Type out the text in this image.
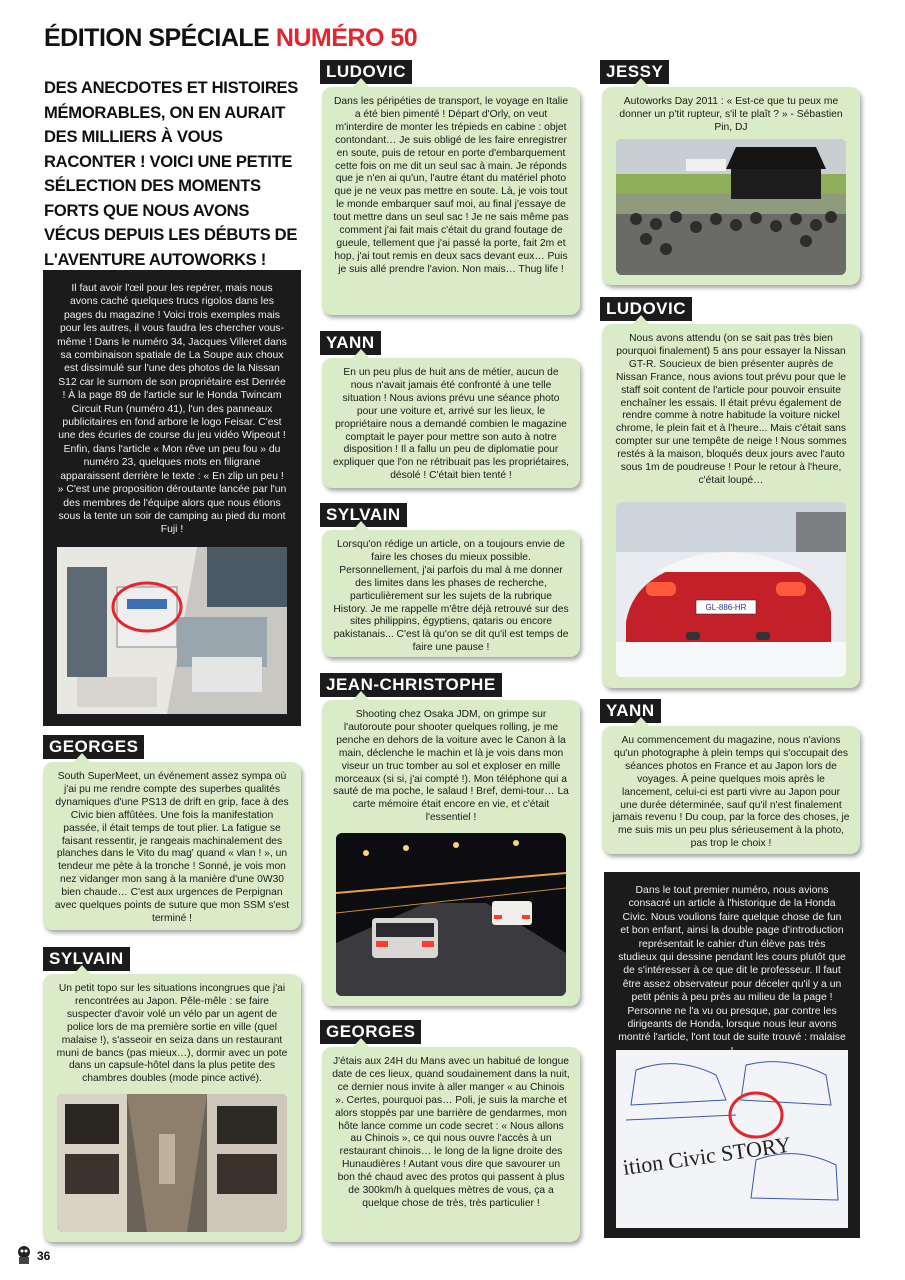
ÉDITION SPÉCIALE NUMÉRO 50
DES ANECDOTES ET HISTOIRES MÉMORABLES, ON EN AURAIT DES MILLIERS À VOUS RACONTER ! VOICI UNE PETITE SÉLECTION DES MOMENTS FORTS QUE NOUS AVONS VÉCUS DEPUIS LES DÉBUTS DE L'AVENTURE AUTOWORKS !

Il faut avoir l'œil pour les repérer, mais nous avons caché quelques trucs rigolos dans les pages du magazine ! Voici trois exemples mais pour les autres, il vous faudra les chercher vous-même ! Dans le numéro 34, Jacques Villeret dans sa combinaison spatiale de La Soupe aux choux est dissimulé sur l'une des photos de la Nissan S12 car le surnom de son propriétaire est Denrée ! À la page 89 de l'article sur le Honda Twincam Circuit Run (numéro 41), l'un des panneaux publicitaires en fond arbore le logo Feisar. C'est une des écuries de course du jeu vidéo Wipeout ! Enfin, dans l'article « Mon rêve un peu fou » du numéro 23, quelques mots en filigrane apparaissent derrière le texte : « En zlip un peu ! » C'est une proposition déroutante lancée par l'un des membres de l'équipe alors que nous étions sous la tente un soir de camping au pied du mont Fuji !

GEORGES

South SuperMeet, un événement assez sympa où j'ai pu me rendre compte des superbes qualités dynamiques d'une PS13 de drift en grip, face à des Civic bien affûtées. Une fois la manifestation passée, il était temps de tout plier. La fatigue se faisant ressentir, je rangeais machinalement des planches dans le Vito du mag' quand « vlan ! », un tendeur me pète à la tronche ! Sonné, je vois mon nez vidanger mon sang à la manière d'une 0W30 bien chaude… C'est aux urgences de Perpignan avec quelques points de suture que mon SSM s'est terminé !

SYLVAIN

Un petit topo sur les situations incongrues que j'ai rencontrées au Japon. Pêle-mêle : se faire suspecter d'avoir volé un vélo par un agent de police lors de ma première sortie en ville (quel malaise !), s'asseoir en seiza dans un restaurant muni de bancs (pas mieux…), dormir avec un pote dans un capsule-hôtel dans la plus petite des chambres doubles (mode pince activé).

LUDOVIC

Dans les péripéties de transport, le voyage en Italie a été bien pimenté ! Départ d'Orly, on veut m'interdire de monter les trépieds en cabine : objet contondant… Je suis obligé de les faire enregistrer en soute, puis de retour en porte d'embarquement cette fois on me dit un seul sac à main. Je réponds que je n'en ai qu'un, l'autre étant du matériel photo que je ne veux pas mettre en soute. Là, je vois tout le monde embarquer sauf moi, au final j'essaye de tout mettre dans un seul sac ! Je ne sais même pas comment j'ai fait mais c'était du grand foutage de gueule, tellement que j'ai passé la porte, fait 2m et hop, j'ai tout remis en deux sacs devant eux… Puis je suis allé prendre l'avion. Non mais… Thug life !

YANN

En un peu plus de huit ans de métier, aucun de nous n'avait jamais été confronté à une telle situation ! Nous avions prévu une séance photo pour une voiture et, arrivé sur les lieux, le propriétaire nous a demandé combien le magazine comptait le payer pour mettre son auto à notre disposition ! Il a fallu un peu de diplomatie pour expliquer que l'on ne rétribuait pas les propriétaires, désolé ! C'était bien tenté !

SYLVAIN

Lorsqu'on rédige un article, on a toujours envie de faire les choses du mieux possible. Personnellement, j'ai parfois du mal à me donner des limites dans les phases de recherche, particulièrement sur les sujets de la rubrique History. Je me rappelle m'être déjà retrouvé sur des sites philippins, égyptiens, qataris ou encore pakistanais... C'est là qu'on se dit qu'il est temps de faire une pause !

JEAN-CHRISTOPHE

Shooting chez Osaka JDM, on grimpe sur l'autoroute pour shooter quelques rolling, je me penche en dehors de la voiture avec le Canon à la main, déclenche le machin et là je vois dans mon viseur un truc tomber au sol et exploser en mille morceaux (si si, j'ai compté !). Mon téléphone qui a sauté de ma poche, le salaud ! Bref, demi-tour… La carte mémoire était encore en vie, et c'était l'essentiel !

GEORGES

J'étais aux 24H du Mans avec un habitué de longue date de ces lieux, quand soudainement dans la nuit, ce dernier nous invite à aller manger « au Chinois ». Certes, pourquoi pas… Poli, je suis la marche et alors stoppés par une barrière de gendarmes, mon hôte lance comme un code secret : « Nous allons au Chinois », ce qui nous ouvre l'accès à un restaurant chinois… le long de la ligne droite des Hunaudières ! Autant vous dire que savourer un bon thé chaud avec des protos qui passent à plus de 300km/h à quelques mètres de vous, ça a quelque chose de très, très particulier !

JESSY

Autoworks Day 2011 : « Est-ce que tu peux me donner un p'tit rupteur, s'il te plaît ? » - Sébastien Pin, DJ

LUDOVIC

Nous avons attendu (on se sait pas très bien pourquoi finalement) 5 ans pour essayer la Nissan GT-R. Soucieux de bien présenter auprès de Nissan France, nous avions tout prévu pour que le staff soit content de l'article pour pouvoir ensuite enchaîner les essais. Il était prévu également de rendre comme à notre habitude la voiture nickel chrome, le plein fait et à l'heure... Mais c'était sans compter sur une tempête de neige ! Nous sommes restés à la maison, bloqués deux jours avec l'auto sous 1m de poudreuse ! Pour le retour à l'heure, c'était loupé…

GL-886-HR
YANN

Au commencement du magazine, nous n'avions qu'un photographe à plein temps qui s'occupait des séances photos en France et au Japon lors de voyages. À peine quelques mois après le lancement, celui-ci est parti vivre au Japon pour une durée déterminée, sauf qu'il n'est finalement jamais revenu ! Du coup, par la force des choses, je me suis mis un peu plus sérieusement à la photo, pas trop le choix !

Dans le tout premier numéro, nous avions consacré un article à l'historique de la Honda Civic. Nous voulions faire quelque chose de fun et bon enfant, ainsi la double page d'introduction représentait le cahier d'un élève pas très studieux qui dessine pendant les cours plutôt que de s'intéresser à ce que dit le professeur. Il faut être assez observateur pour déceler qu'il y a un petit pénis à peu près au milieu de la page ! Personne ne l'a vu ou presque, par contre les dirigeants de Honda, lorsque nous leur avons montré l'article, l'ont tout de suite trouvé : malaise

ition Civic STORY
36
